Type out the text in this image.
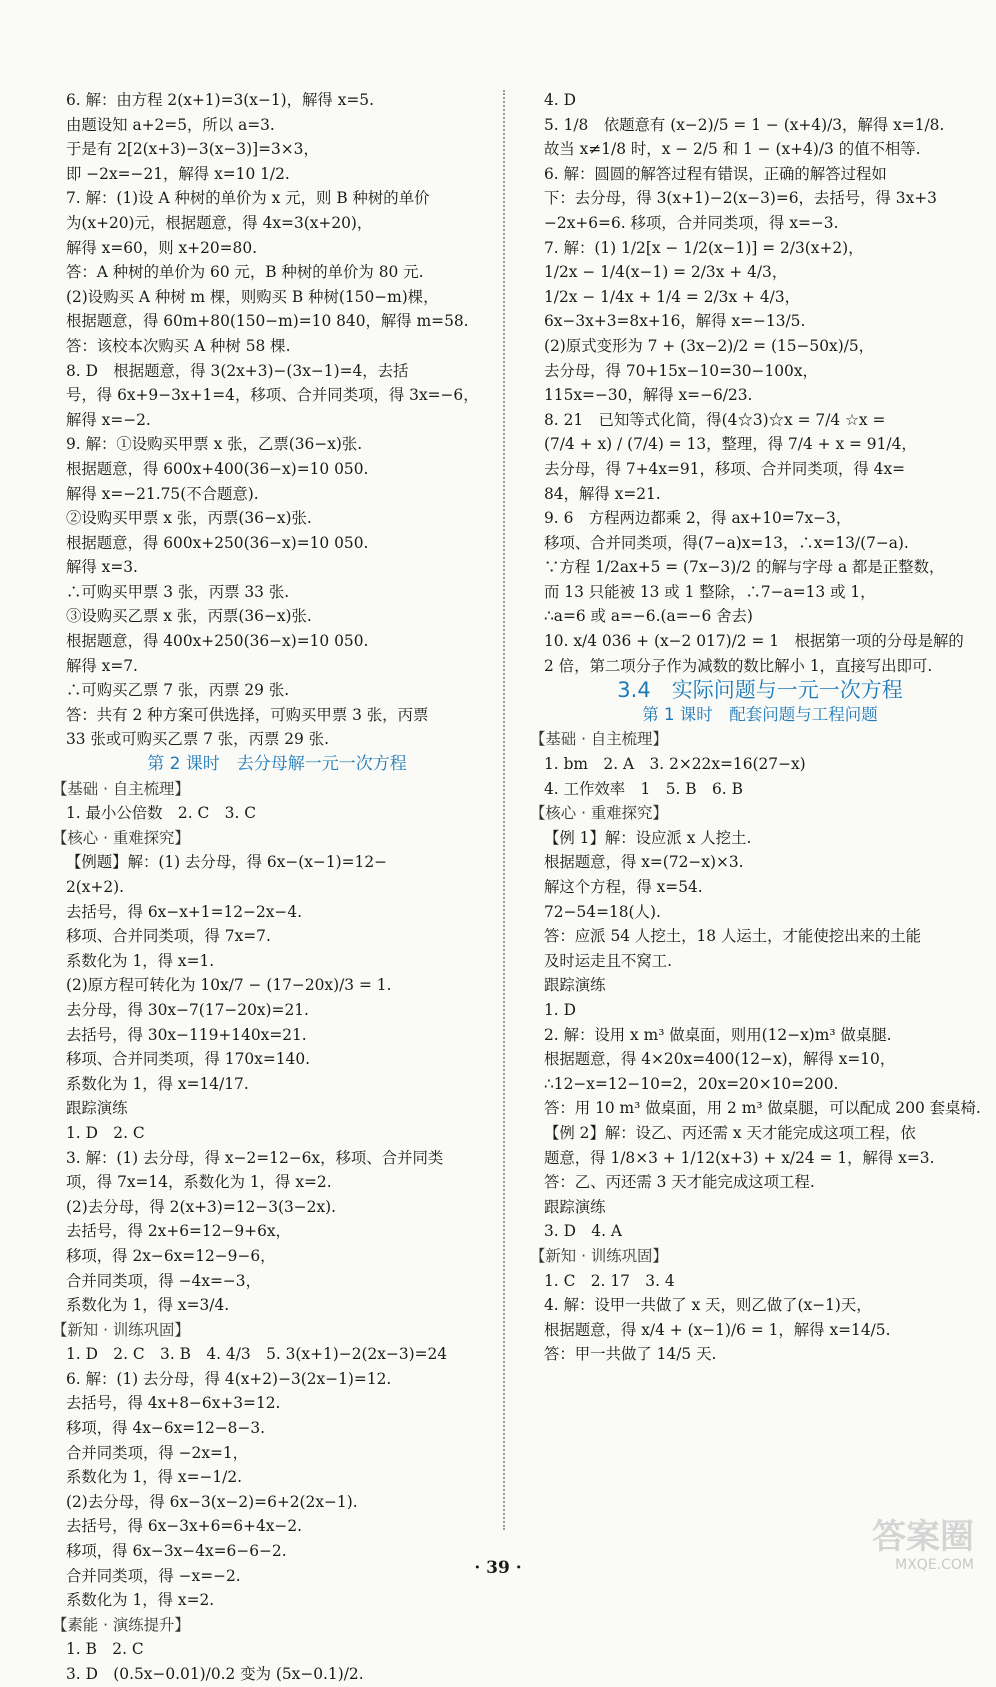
6. 解：由方程 2(x+1)=3(x−1)，解得 x=5.
由题设知 a+2=5，所以 a=3.
于是有 2[2(x+3)−3(x−3)]=3×3，
即 −2x=−21，解得 x=10 1/2.
7. 解：(1)设 A 种树的单价为 x 元，则 B 种树的单价
为(x+20)元，根据题意，得 4x=3(x+20)，
解得 x=60，则 x+20=80.
答：A 种树的单价为 60 元，B 种树的单价为 80 元.
(2)设购买 A 种树 m 棵，则购买 B 种树(150−m)棵，
根据题意，得 60m+80(150−m)=10 840，解得 m=58.
答：该校本次购买 A 种树 58 棵.
8. D　根据题意，得 3(2x+3)−(3x−1)=4，去括
号，得 6x+9−3x+1=4，移项、合并同类项，得 3x=−6，
解得 x=−2.
9. 解：①设购买甲票 x 张，乙票(36−x)张.
根据题意，得 600x+400(36−x)=10 050.
解得 x=−21.75(不合题意).
②设购买甲票 x 张，丙票(36−x)张.
根据题意，得 600x+250(36−x)=10 050.
解得 x=3.
∴可购买甲票 3 张，丙票 33 张.
③设购买乙票 x 张，丙票(36−x)张.
根据题意，得 400x+250(36−x)=10 050.
解得 x=7.
∴可购买乙票 7 张，丙票 29 张.
答：共有 2 种方案可供选择，可购买甲票 3 张，丙票
33 张或可购买乙票 7 张，丙票 29 张.
第 2 课时　去分母解一元一次方程
【基础 · 自主梳理】
1. 最小公倍数　2. C　3. C
【核心 · 重难探究】
【例题】解：(1) 去分母，得 6x−(x−1)=12−
2(x+2).
去括号，得 6x−x+1=12−2x−4.
移项、合并同类项，得 7x=7.
系数化为 1，得 x=1.
(2)原方程可转化为 10x/7 − (17−20x)/3 = 1.
去分母，得 30x−7(17−20x)=21.
去括号，得 30x−119+140x=21.
移项、合并同类项，得 170x=140.
系数化为 1，得 x=14/17.
跟踪演练
1. D　2. C
3. 解：(1) 去分母，得 x−2=12−6x，移项、合并同类
项，得 7x=14，系数化为 1，得 x=2.
(2)去分母，得 2(x+3)=12−3(3−2x).
去括号，得 2x+6=12−9+6x，
移项，得 2x−6x=12−9−6，
合并同类项，得 −4x=−3，
系数化为 1，得 x=3/4.
【新知 · 训练巩固】
1. D　2. C　3. B　4. 4/3　5. 3(x+1)−2(2x−3)=24
6. 解：(1) 去分母，得 4(x+2)−3(2x−1)=12.
去括号，得 4x+8−6x+3=12.
移项，得 4x−6x=12−8−3.
合并同类项，得 −2x=1，
系数化为 1，得 x=−1/2.
(2)去分母，得 6x−3(x−2)=6+2(2x−1).
去括号，得 6x−3x+6=6+4x−2.
移项，得 6x−3x−4x=6−6−2.
合并同类项，得 −x=−2.
系数化为 1，得 x=2.
【素能 · 演练提升】
1. B　2. C
3. D　(0.5x−0.01)/0.2 变为 (5x−0.1)/2.
4. D
5. 1/8　依题意有 (x−2)/5 = 1 − (x+4)/3，解得 x=1/8.
故当 x≠1/8 时，x − 2/5 和 1 − (x+4)/3 的值不相等.
6. 解：圆圆的解答过程有错误，正确的解答过程如
下：去分母，得 3(x+1)−2(x−3)=6，去括号，得 3x+3
−2x+6=6. 移项，合并同类项，得 x=−3.
7. 解：(1) 1/2[x − 1/2(x−1)] = 2/3(x+2)，
1/2x − 1/4(x−1) = 2/3x + 4/3，
1/2x − 1/4x + 1/4 = 2/3x + 4/3，
6x−3x+3=8x+16，解得 x=−13/5.
(2)原式变形为 7 + (3x−2)/2 = (15−50x)/5，
去分母，得 70+15x−10=30−100x，
115x=−30，解得 x=−6/23.
8. 21　已知等式化简，得(4☆3)☆x = 7/4 ☆x =
(7/4 + x) / (7/4) = 13，整理，得 7/4 + x = 91/4，
去分母，得 7+4x=91，移项、合并同类项，得 4x=
84，解得 x=21.
9. 6　方程两边都乘 2，得 ax+10=7x−3，
移项、合并同类项，得(7−a)x=13，∴x=13/(7−a).
∵方程 1/2ax+5 = (7x−3)/2 的解与字母 a 都是正整数，
而 13 只能被 13 或 1 整除，∴7−a=13 或 1，
∴a=6 或 a=−6.(a=−6 舍去)
10. x/4 036 + (x−2 017)/2 = 1　根据第一项的分母是解的
2 倍，第二项分子作为减数的数比解小 1，直接写出即可.
3.4　实际问题与一元一次方程
第 1 课时　配套问题与工程问题
【基础 · 自主梳理】
1. bm　2. A　3. 2×22x=16(27−x)
4. 工作效率　1　5. B　6. B
【核心 · 重难探究】
【例 1】解：设应派 x 人挖土.
根据题意，得 x=(72−x)×3.
解这个方程，得 x=54.
72−54=18(人).
答：应派 54 人挖土，18 人运土，才能使挖出来的土能
及时运走且不窝工.
跟踪演练
1. D
2. 解：设用 x m³ 做桌面，则用(12−x)m³ 做桌腿.
根据题意，得 4×20x=400(12−x)，解得 x=10，
∴12−x=12−10=2，20x=20×10=200.
答：用 10 m³ 做桌面，用 2 m³ 做桌腿，可以配成 200 套桌椅.
【例 2】解：设乙、丙还需 x 天才能完成这项工程，依
题意，得 1/8×3 + 1/12(x+3) + x/24 = 1，解得 x=3.
答：乙、丙还需 3 天才能完成这项工程.
跟踪演练
3. D　4. A
【新知 · 训练巩固】
1. C　2. 17　3. 4
4. 解：设甲一共做了 x 天，则乙做了(x−1)天，
根据题意，得 x/4 + (x−1)/6 = 1，解得 x=14/5.
答：甲一共做了 14/5 天.
· 39 ·
答案圈
MXQE.COM
